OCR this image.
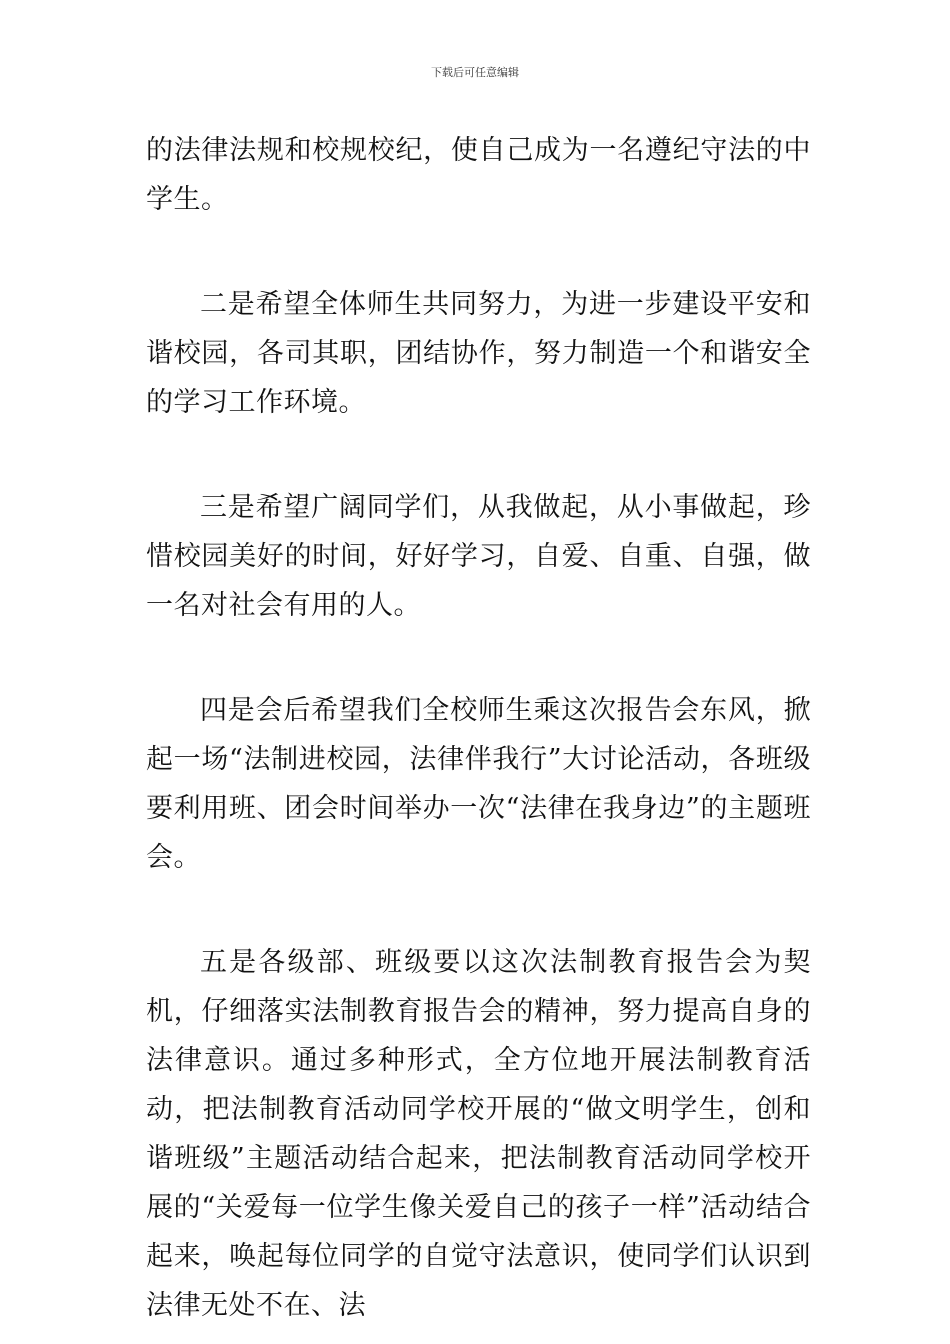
下载后可任意编辑

的法律法规和校规校纪，使自己成为一名遵纪守法的中学生。

二是希望全体师生共同努力，为进一步建设平安和谐校园，各司其职，团结协作，努力制造一个和谐安全的学习工作环境。

三是希望广阔同学们，从我做起，从小事做起，珍惜校园美好的时间，好好学习，自爱、自重、自强，做一名对社会有用的人。

四是会后希望我们全校师生乘这次报告会东风，掀起一场“法制进校园，法律伴我行”大讨论活动，各班级要利用班、团会时间举办一次“法律在我身边”的主题班会。

五是各级部、班级要以这次法制教育报告会为契机，仔细落实法制教育报告会的精神，努力提高自身的法律意识。通过多种形式，全方位地开展法制教育活动，把法制教育活动同学校开展的“做文明学生，创和谐班级”主题活动结合起来，把法制教育活动同学校开展的“关爱每一位学生像关爱自己的孩子一样”活动结合起来，唤起每位同学的自觉守法意识，使同学们认识到法律无处不在、法
